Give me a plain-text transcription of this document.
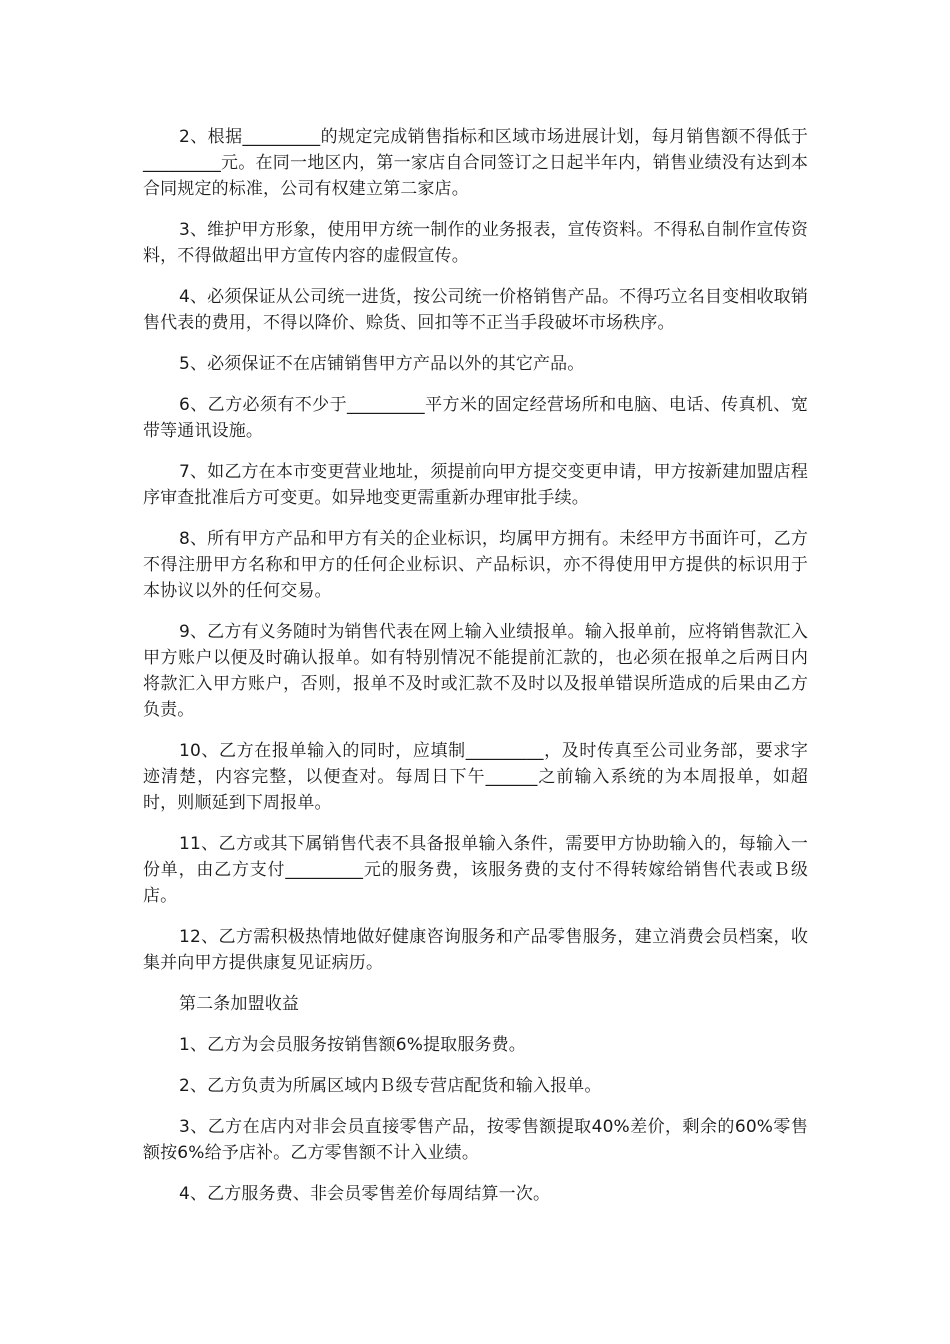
2、根据_________的规定完成销售指标和区域市场进展计划，每月销售额不得低于_________元。在同一地区内，第一家店自合同签订之日起半年内，销售业绩没有达到本合同规定的标准，公司有权建立第二家店。

3、维护甲方形象，使用甲方统一制作的业务报表，宣传资料。不得私自制作宣传资料，不得做超出甲方宣传内容的虚假宣传。

4、必须保证从公司统一进货，按公司统一价格销售产品。不得巧立名目变相收取销售代表的费用，不得以降价、赊货、回扣等不正当手段破坏市场秩序。

5、必须保证不在店铺销售甲方产品以外的其它产品。

6、乙方必须有不少于_________平方米的固定经营场所和电脑、电话、传真机、宽带等通讯设施。

7、如乙方在本市变更营业地址，须提前向甲方提交变更申请，甲方按新建加盟店程序审查批准后方可变更。如异地变更需重新办理审批手续。

8、所有甲方产品和甲方有关的企业标识，均属甲方拥有。未经甲方书面许可，乙方不得注册甲方名称和甲方的任何企业标识、产品标识，亦不得使用甲方提供的标识用于本协议以外的任何交易。

9、乙方有义务随时为销售代表在网上输入业绩报单。输入报单前，应将销售款汇入甲方账户以便及时确认报单。如有特别情况不能提前汇款的，也必须在报单之后两日内将款汇入甲方账户，否则，报单不及时或汇款不及时以及报单错误所造成的后果由乙方负责。

10、乙方在报单输入的同时，应填制_________，及时传真至公司业务部，要求字迹清楚，内容完整，以便查对。每周日下午______之前输入系统的为本周报单，如超时，则顺延到下周报单。

11、乙方或其下属销售代表不具备报单输入条件，需要甲方协助输入的，每输入一份单，由乙方支付_________元的服务费，该服务费的支付不得转嫁给销售代表或Ｂ级店。

12、乙方需积极热情地做好健康咨询服务和产品零售服务，建立消费会员档案，收集并向甲方提供康复见证病历。

第二条加盟收益

1、乙方为会员服务按销售额6%提取服务费。

2、乙方负责为所属区域内Ｂ级专营店配货和输入报单。

3、乙方在店内对非会员直接零售产品，按零售额提取40%差价，剩余的60%零售额按6%给予店补。乙方零售额不计入业绩。

4、乙方服务费、非会员零售差价每周结算一次。
